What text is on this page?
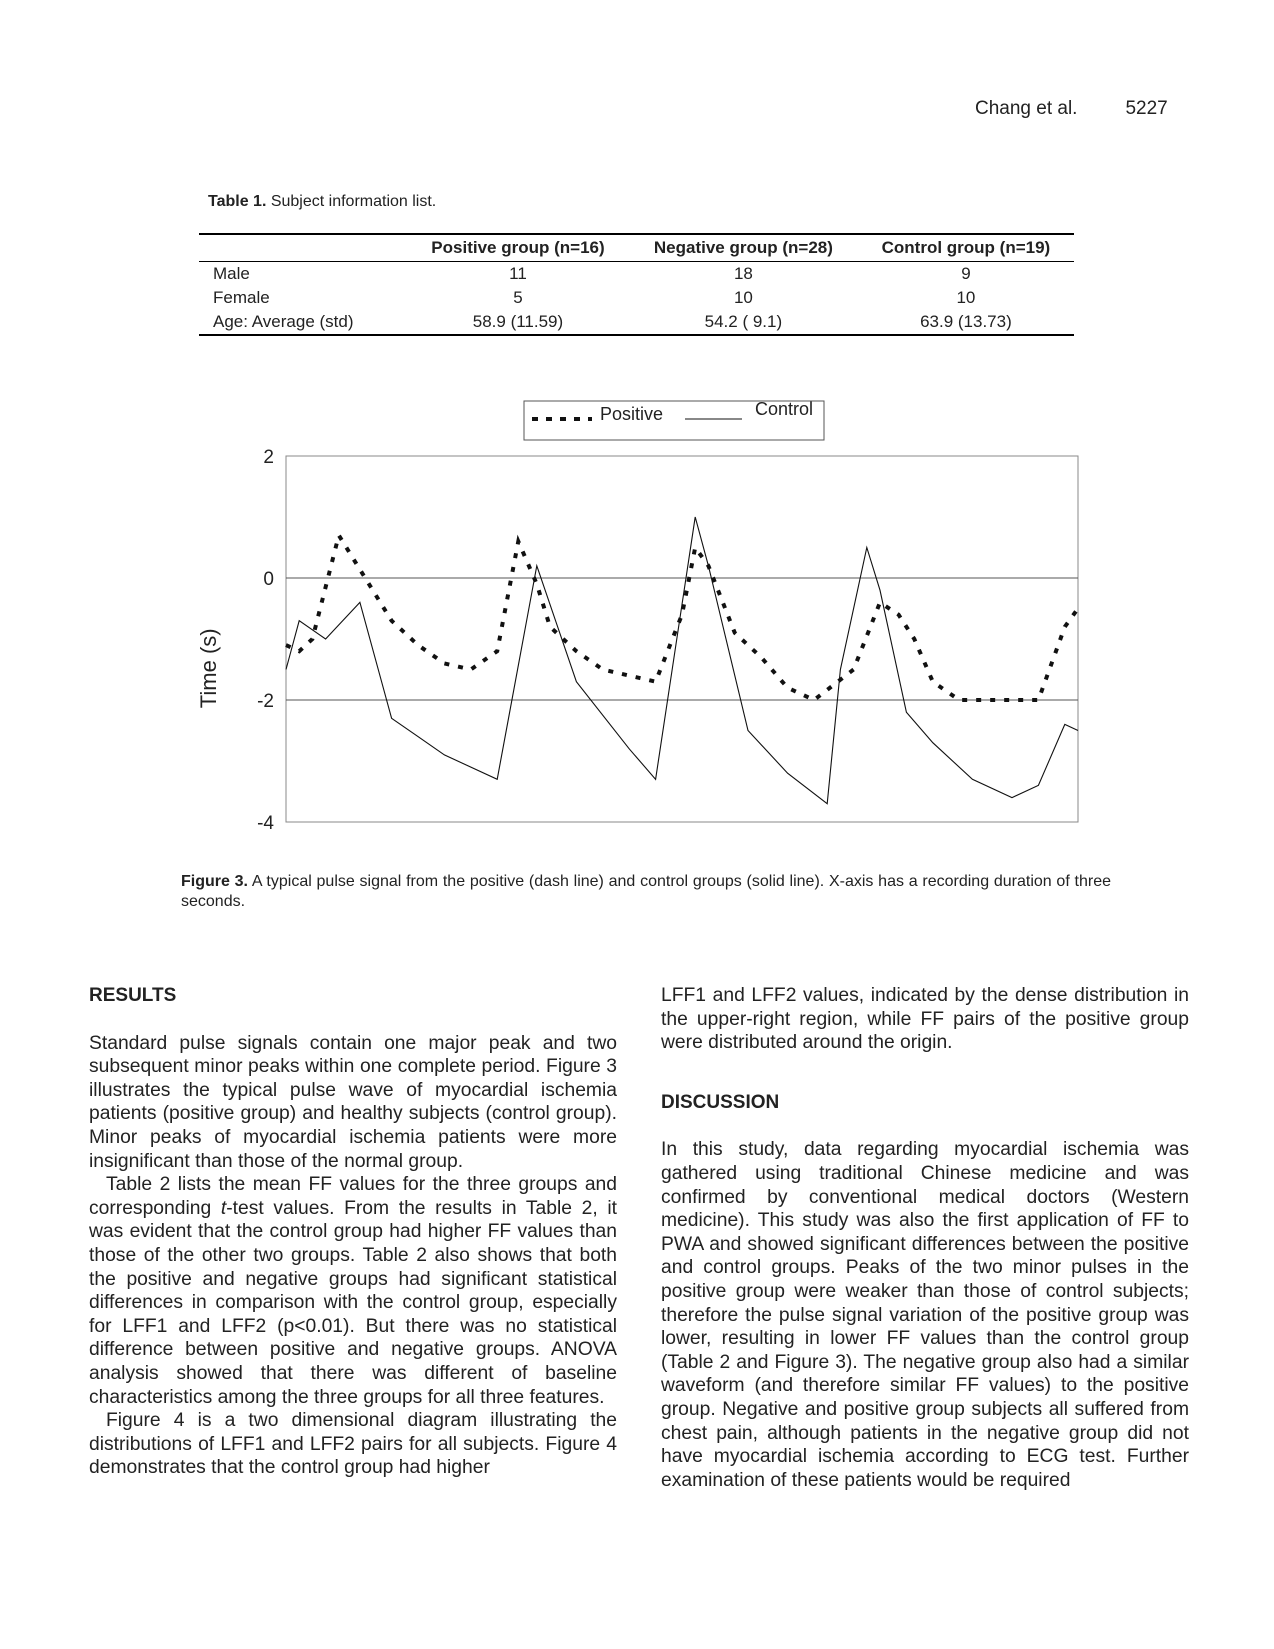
Chang et al.	5227
Table 1. Subject information list.
	Positive group (n=16)	Negative group (n=28)	Control group (n=19)
Male	11	18	9
Female	5	10	10
Age: Average (std)	58.9 (11.59)	54.2 ( 9.1)	63.9 (13.73)
2
0
-2
-4
Time (s)
Positive	Control
Figure 3. A typical pulse signal from the positive (dash line) and control groups (solid line). X-axis has a recording duration of three seconds.
RESULTS

Standard pulse signals contain one major peak and two subsequent minor peaks within one complete period. Figure 3 illustrates the typical pulse wave of myocardial ischemia patients (positive group) and healthy subjects (control group). Minor peaks of myocardial ischemia patients were more insignificant than those of the normal group.

Table 2 lists the mean FF values for the three groups and corresponding t-test values. From the results in Table 2, it was evident that the control group had higher FF values than those of the other two groups. Table 2 also shows that both the positive and negative groups had significant statistical differences in comparison with the control group, especially for LFF1 and LFF2 (p<0.01). But there was no statistical difference between positive and negative groups. ANOVA analysis showed that there was different of baseline characteristics among the three groups for all three features.

Figure 4 is a two dimensional diagram illustrating the distributions of LFF1 and LFF2 pairs for all subjects. Figure 4 demonstrates that the control group had higher

LFF1 and LFF2 values, indicated by the dense distribution in the upper-right region, while FF pairs of the positive group were distributed around the origin.

DISCUSSION

In this study, data regarding myocardial ischemia was gathered using traditional Chinese medicine and was confirmed by conventional medical doctors (Western medicine). This study was also the first application of FF to PWA and showed significant differences between the positive and control groups. Peaks of the two minor pulses in the positive group were weaker than those of control subjects; therefore the pulse signal variation of the positive group was lower, resulting in lower FF values than the control group (Table 2 and Figure 3). The negative group also had a similar waveform (and therefore similar FF values) to the positive group. Negative and positive group subjects all suffered from chest pain, although patients in the negative group did not have myocardial ischemia according to ECG test. Further examination of these patients would be required
